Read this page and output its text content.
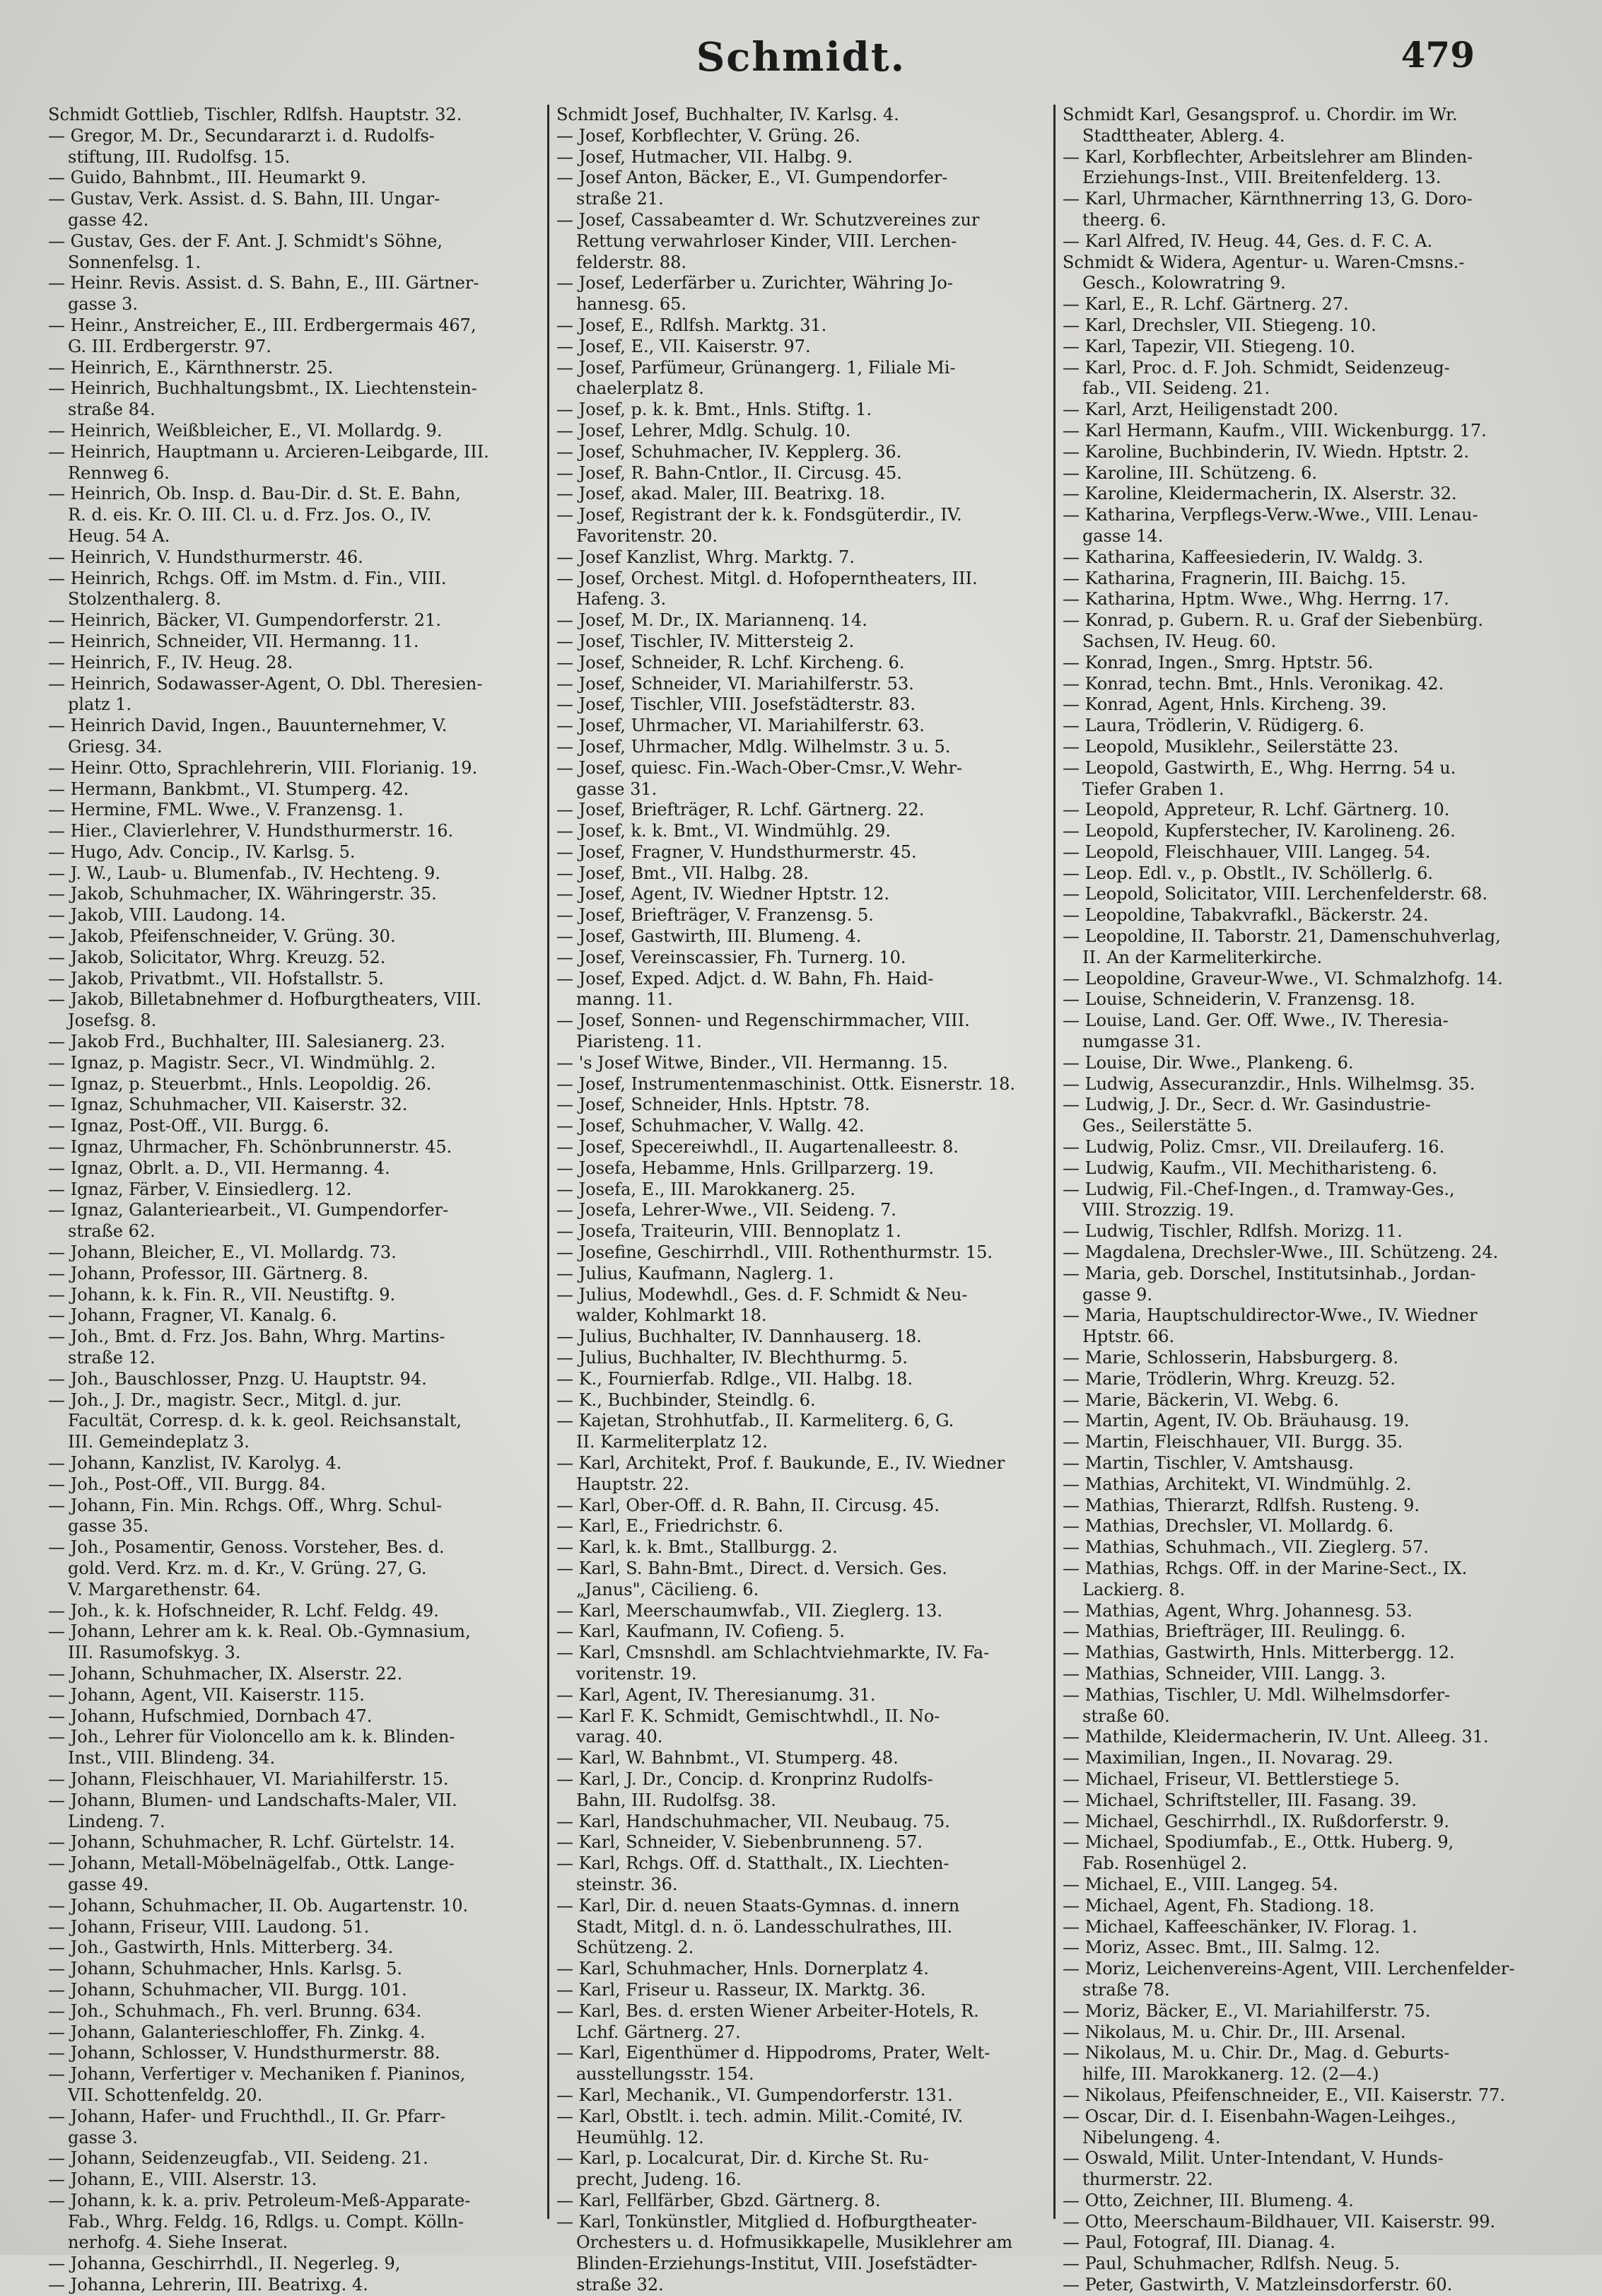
Schmidt.	479
Schmidt Gottlieb, Tischler, Rdlfsh. Hauptstr. 32.
— Gregor, M. Dr., Secundararzt i. d. Rudolfs-
stiftung, III. Rudolfsg. 15.
— Guido, Bahnbmt., III. Heumarkt 9.
— Gustav, Verk. Assist. d. S. Bahn, III. Ungar-
gasse 42.
— Gustav, Ges. der F. Ant. J. Schmidt's Söhne,
Sonnenfelsg. 1.
— Heinr. Revis. Assist. d. S. Bahn, E., III. Gärtner-
gasse 3.
— Heinr., Anstreicher, E., III. Erdbergermais 467,
G. III. Erdbergerstr. 97.
— Heinrich, E., Kärnthnerstr. 25.
— Heinrich, Buchhaltungsbmt., IX. Liechtenstein-
straße 84.
— Heinrich, Weißbleicher, E., VI. Mollardg. 9.
— Heinrich, Hauptmann u. Arcieren-Leibgarde, III.
Rennweg 6.
— Heinrich, Ob. Insp. d. Bau-Dir. d. St. E. Bahn,
R. d. eis. Kr. O. III. Cl. u. d. Frz. Jos. O., IV.
Heug. 54 A.
— Heinrich, V. Hundsthurmerstr. 46.
— Heinrich, Rchgs. Off. im Mstm. d. Fin., VIII.
Stolzenthalerg. 8.
— Heinrich, Bäcker, VI. Gumpendorferstr. 21.
— Heinrich, Schneider, VII. Hermanng. 11.
— Heinrich, F., IV. Heug. 28.
— Heinrich, Sodawasser-Agent, O. Dbl. Theresien-
platz 1.
— Heinrich David, Ingen., Bauunternehmer, V.
Griesg. 34.
— Heinr. Otto, Sprachlehrerin, VIII. Florianig. 19.
— Hermann, Bankbmt., VI. Stumperg. 42.
— Hermine, FML. Wwe., V. Franzensg. 1.
— Hier., Clavierlehrer, V. Hundsthurmerstr. 16.
— Hugo, Adv. Concip., IV. Karlsg. 5.
— J. W., Laub- u. Blumenfab., IV. Hechteng. 9.
— Jakob, Schuhmacher, IX. Währingerstr. 35.
— Jakob, VIII. Laudong. 14.
— Jakob, Pfeifenschneider, V. Grüng. 30.
— Jakob, Solicitator, Whrg. Kreuzg. 52.
— Jakob, Privatbmt., VII. Hofstallstr. 5.
— Jakob, Billetabnehmer d. Hofburgtheaters, VIII.
Josefsg. 8.
— Jakob Frd., Buchhalter, III. Salesianerg. 23.
— Ignaz, p. Magistr. Secr., VI. Windmühlg. 2.
— Ignaz, p. Steuerbmt., Hnls. Leopoldig. 26.
— Ignaz, Schuhmacher, VII. Kaiserstr. 32.
— Ignaz, Post-Off., VII. Burgg. 6.
— Ignaz, Uhrmacher, Fh. Schönbrunnerstr. 45.
— Ignaz, Obrlt. a. D., VII. Hermanng. 4.
— Ignaz, Färber, V. Einsiedlerg. 12.
— Ignaz, Galanteriearbeit., VI. Gumpendorfer-
straße 62.
— Johann, Bleicher, E., VI. Mollardg. 73.
— Johann, Professor, III. Gärtnerg. 8.
— Johann, k. k. Fin. R., VII. Neustiftg. 9.
— Johann, Fragner, VI. Kanalg. 6.
— Joh., Bmt. d. Frz. Jos. Bahn, Whrg. Martins-
straße 12.
— Joh., Bauschlosser, Pnzg. U. Hauptstr. 94.
— Joh., J. Dr., magistr. Secr., Mitgl. d. jur.
Facultät, Corresp. d. k. k. geol. Reichsanstalt,
III. Gemeindeplatz 3.
— Johann, Kanzlist, IV. Karolyg. 4.
— Joh., Post-Off., VII. Burgg. 84.
— Johann, Fin. Min. Rchgs. Off., Whrg. Schul-
gasse 35.
— Joh., Posamentir, Genoss. Vorsteher, Bes. d.
gold. Verd. Krz. m. d. Kr., V. Grüng. 27, G.
V. Margarethenstr. 64.
— Joh., k. k. Hofschneider, R. Lchf. Feldg. 49.
— Johann, Lehrer am k. k. Real. Ob.-Gymnasium,
III. Rasumofskyg. 3.
— Johann, Schuhmacher, IX. Alserstr. 22.
— Johann, Agent, VII. Kaiserstr. 115.
— Johann, Hufschmied, Dornbach 47.
— Joh., Lehrer für Violoncello am k. k. Blinden-
Inst., VIII. Blindeng. 34.
— Johann, Fleischhauer, VI. Mariahilferstr. 15.
— Johann, Blumen- und Landschafts-Maler, VII.
Lindeng. 7.
— Johann, Schuhmacher, R. Lchf. Gürtelstr. 14.
— Johann, Metall-Möbelnägelfab., Ottk. Lange-
gasse 49.
— Johann, Schuhmacher, II. Ob. Augartenstr. 10.
— Johann, Friseur, VIII. Laudong. 51.
— Joh., Gastwirth, Hnls. Mitterberg. 34.
— Johann, Schuhmacher, Hnls. Karlsg. 5.
— Johann, Schuhmacher, VII. Burgg. 101.
— Joh., Schuhmach., Fh. verl. Brunng. 634.
— Johann, Galanterieschloffer, Fh. Zinkg. 4.
— Johann, Schlosser, V. Hundsthurmerstr. 88.
— Johann, Verfertiger v. Mechaniken f. Pianinos,
VII. Schottenfeldg. 20.
— Johann, Hafer- und Fruchthdl., II. Gr. Pfarr-
gasse 3.
— Johann, Seidenzeugfab., VII. Seideng. 21.
— Johann, E., VIII. Alserstr. 13.
— Johann, k. k. a. priv. Petroleum-Meß-Apparate-
Fab., Whrg. Feldg. 16, Rdlgs. u. Compt. Kölln-
nerhofg. 4. Siehe Inserat.
— Johanna, Geschirrhdl., II. Negerleg. 9,
— Johanna, Lehrerin, III. Beatrixg. 4.
Schmidt Josef, Buchhalter, IV. Karlsg. 4.
— Josef, Korbflechter, V. Grüng. 26.
— Josef, Hutmacher, VII. Halbg. 9.
— Josef Anton, Bäcker, E., VI. Gumpendorfer-
straße 21.
— Josef, Cassabeamter d. Wr. Schutzvereines zur
Rettung verwahrloser Kinder, VIII. Lerchen-
felderstr. 88.
— Josef, Lederfärber u. Zurichter, Währing Jo-
hannesg. 65.
— Josef, E., Rdlfsh. Marktg. 31.
— Josef, E., VII. Kaiserstr. 97.
— Josef, Parfümeur, Grünangerg. 1, Filiale Mi-
chaelerplatz 8.
— Josef, p. k. k. Bmt., Hnls. Stiftg. 1.
— Josef, Lehrer, Mdlg. Schulg. 10.
— Josef, Schuhmacher, IV. Kepplerg. 36.
— Josef, R. Bahn-Cntlor., II. Circusg. 45.
— Josef, akad. Maler, III. Beatrixg. 18.
— Josef, Registrant der k. k. Fondsgüterdir., IV.
Favoritenstr. 20.
— Josef Kanzlist, Whrg. Marktg. 7.
— Josef, Orchest. Mitgl. d. Hofoperntheaters, III.
Hafeng. 3.
— Josef, M. Dr., IX. Mariannenq. 14.
— Josef, Tischler, IV. Mittersteig 2.
— Josef, Schneider, R. Lchf. Kircheng. 6.
— Josef, Schneider, VI. Mariahilferstr. 53.
— Josef, Tischler, VIII. Josefstädterstr. 83.
— Josef, Uhrmacher, VI. Mariahilferstr. 63.
— Josef, Uhrmacher, Mdlg. Wilhelmstr. 3 u. 5.
— Josef, quiesc. Fin.-Wach-Ober-Cmsr.,V. Wehr-
gasse 31.
— Josef, Briefträger, R. Lchf. Gärtnerg. 22.
— Josef, k. k. Bmt., VI. Windmühlg. 29.
— Josef, Fragner, V. Hundsthurmerstr. 45.
— Josef, Bmt., VII. Halbg. 28.
— Josef, Agent, IV. Wiedner Hptstr. 12.
— Josef, Briefträger, V. Franzensg. 5.
— Josef, Gastwirth, III. Blumeng. 4.
— Josef, Vereinscassier, Fh. Turnerg. 10.
— Josef, Exped. Adjct. d. W. Bahn, Fh. Haid-
manng. 11.
— Josef, Sonnen- und Regenschirmmacher, VIII.
Piaristeng. 11.
— 's Josef Witwe, Binder., VII. Hermanng. 15.
— Josef, Instrumentenmaschinist. Ottk. Eisnerstr. 18.
— Josef, Schneider, Hnls. Hptstr. 78.
— Josef, Schuhmacher, V. Wallg. 42.
— Josef, Specereiwhdl., II. Augartenalleestr. 8.
— Josefa, Hebamme, Hnls. Grillparzerg. 19.
— Josefa, E., III. Marokkanerg. 25.
— Josefa, Lehrer-Wwe., VII. Seideng. 7.
— Josefa, Traiteurin, VIII. Bennoplatz 1.
— Josefine, Geschirrhdl., VIII. Rothenthurmstr. 15.
— Julius, Kaufmann, Naglerg. 1.
— Julius, Modewhdl., Ges. d. F. Schmidt & Neu-
walder, Kohlmarkt 18.
— Julius, Buchhalter, IV. Dannhauserg. 18.
— Julius, Buchhalter, IV. Blechthurmg. 5.
— K., Fournierfab. Rdlge., VII. Halbg. 18.
— K., Buchbinder, Steindlg. 6.
— Kajetan, Strohhutfab., II. Karmeliterg. 6, G.
II. Karmeliterplatz 12.
— Karl, Architekt, Prof. f. Baukunde, E., IV. Wiedner
Hauptstr. 22.
— Karl, Ober-Off. d. R. Bahn, II. Circusg. 45.
— Karl, E., Friedrichstr. 6.
— Karl, k. k. Bmt., Stallburgg. 2.
— Karl, S. Bahn-Bmt., Direct. d. Versich. Ges.
„Janus", Cäcilieng. 6.
— Karl, Meerschaumwfab., VII. Zieglerg. 13.
— Karl, Kaufmann, IV. Cofieng. 5.
— Karl, Cmsnshdl. am Schlachtviehmarkte, IV. Fa-
voritenstr. 19.
— Karl, Agent, IV. Theresianumg. 31.
— Karl F. K. Schmidt, Gemischtwhdl., II. No-
varag. 40.
— Karl, W. Bahnbmt., VI. Stumperg. 48.
— Karl, J. Dr., Concip. d. Kronprinz Rudolfs-
Bahn, III. Rudolfsg. 38.
— Karl, Handschuhmacher, VII. Neubaug. 75.
— Karl, Schneider, V. Siebenbrunneng. 57.
— Karl, Rchgs. Off. d. Statthalt., IX. Liechten-
steinstr. 36.
— Karl, Dir. d. neuen Staats-Gymnas. d. innern
Stadt, Mitgl. d. n. ö. Landesschulrathes, III.
Schützeng. 2.
— Karl, Schuhmacher, Hnls. Dornerplatz 4.
— Karl, Friseur u. Rasseur, IX. Marktg. 36.
— Karl, Bes. d. ersten Wiener Arbeiter-Hotels, R.
Lchf. Gärtnerg. 27.
— Karl, Eigenthümer d. Hippodroms, Prater, Welt-
ausstellungsstr. 154.
— Karl, Mechanik., VI. Gumpendorferstr. 131.
— Karl, Obstlt. i. tech. admin. Milit.-Comité, IV.
Heumühlg. 12.
— Karl, p. Localcurat, Dir. d. Kirche St. Ru-
precht, Judeng. 16.
— Karl, Fellfärber, Gbzd. Gärtnerg. 8.
— Karl, Tonkünstler, Mitglied d. Hofburgtheater-
Orchesters u. d. Hofmusikkapelle, Musiklehrer am
Blinden-Erziehungs-Institut, VIII. Josefstädter-
straße 32.
Schmidt Karl, Gesangsprof. u. Chordir. im Wr.
Stadttheater, Ablerg. 4.
— Karl, Korbflechter, Arbeitslehrer am Blinden-
Erziehungs-Inst., VIII. Breitenfelderg. 13.
— Karl, Uhrmacher, Kärnthnerring 13, G. Doro-
theerg. 6.
— Karl Alfred, IV. Heug. 44, Ges. d. F. C. A.
Schmidt & Widera, Agentur- u. Waren-Cmsns.-
Gesch., Kolowratring 9.
— Karl, E., R. Lchf. Gärtnerg. 27.
— Karl, Drechsler, VII. Stiegeng. 10.
— Karl, Tapezir, VII. Stiegeng. 10.
— Karl, Proc. d. F. Joh. Schmidt, Seidenzeug-
fab., VII. Seideng. 21.
— Karl, Arzt, Heiligenstadt 200.
— Karl Hermann, Kaufm., VIII. Wickenburgg. 17.
— Karoline, Buchbinderin, IV. Wiedn. Hptstr. 2.
— Karoline, III. Schützeng. 6.
— Karoline, Kleidermacherin, IX. Alserstr. 32.
— Katharina, Verpflegs-Verw.-Wwe., VIII. Lenau-
gasse 14.
— Katharina, Kaffeesiederin, IV. Waldg. 3.
— Katharina, Fragnerin, III. Baichg. 15.
— Katharina, Hptm. Wwe., Whg. Herrng. 17.
— Konrad, p. Gubern. R. u. Graf der Siebenbürg.
Sachsen, IV. Heug. 60.
— Konrad, Ingen., Smrg. Hptstr. 56.
— Konrad, techn. Bmt., Hnls. Veronikag. 42.
— Konrad, Agent, Hnls. Kircheng. 39.
— Laura, Trödlerin, V. Rüdigerg. 6.
— Leopold, Musiklehr., Seilerstätte 23.
— Leopold, Gastwirth, E., Whg. Herrng. 54 u.
Tiefer Graben 1.
— Leopold, Appreteur, R. Lchf. Gärtnerg. 10.
— Leopold, Kupferstecher, IV. Karolineng. 26.
— Leopold, Fleischhauer, VIII. Langeg. 54.
— Leop. Edl. v., p. Obstlt., IV. Schöllerlg. 6.
— Leopold, Solicitator, VIII. Lerchenfelderstr. 68.
— Leopoldine, Tabakvrafkl., Bäckerstr. 24.
— Leopoldine, II. Taborstr. 21, Damenschuhverlag,
II. An der Karmeliterkirche.
— Leopoldine, Graveur-Wwe., VI. Schmalzhofg. 14.
— Louise, Schneiderin, V. Franzensg. 18.
— Louise, Land. Ger. Off. Wwe., IV. Theresia-
numgasse 31.
— Louise, Dir. Wwe., Plankeng. 6.
— Ludwig, Assecuranzdir., Hnls. Wilhelmsg. 35.
— Ludwig, J. Dr., Secr. d. Wr. Gasindustrie-
Ges., Seilerstätte 5.
— Ludwig, Poliz. Cmsr., VII. Dreilauferg. 16.
— Ludwig, Kaufm., VII. Mechitharisteng. 6.
— Ludwig, Fil.-Chef-Ingen., d. Tramway-Ges.,
VIII. Strozzig. 19.
— Ludwig, Tischler, Rdlfsh. Morizg. 11.
— Magdalena, Drechsler-Wwe., III. Schützeng. 24.
— Maria, geb. Dorschel, Institutsinhab., Jordan-
gasse 9.
— Maria, Hauptschuldirector-Wwe., IV. Wiedner
Hptstr. 66.
— Marie, Schlosserin, Habsburgerg. 8.
— Marie, Trödlerin, Whrg. Kreuzg. 52.
— Marie, Bäckerin, VI. Webg. 6.
— Martin, Agent, IV. Ob. Bräuhausg. 19.
— Martin, Fleischhauer, VII. Burgg. 35.
— Martin, Tischler, V. Amtshausg.
— Mathias, Architekt, VI. Windmühlg. 2.
— Mathias, Thierarzt, Rdlfsh. Rusteng. 9.
— Mathias, Drechsler, VI. Mollardg. 6.
— Mathias, Schuhmach., VII. Zieglerg. 57.
— Mathias, Rchgs. Off. in der Marine-Sect., IX.
Lackierg. 8.
— Mathias, Agent, Whrg. Johannesg. 53.
— Mathias, Briefträger, III. Reulingg. 6.
— Mathias, Gastwirth, Hnls. Mitterbergg. 12.
— Mathias, Schneider, VIII. Langg. 3.
— Mathias, Tischler, U. Mdl. Wilhelmsdorfer-
straße 60.
— Mathilde, Kleidermacherin, IV. Unt. Alleeg. 31.
— Maximilian, Ingen., II. Novarag. 29.
— Michael, Friseur, VI. Bettlerstiege 5.
— Michael, Schriftsteller, III. Fasang. 39.
— Michael, Geschirrhdl., IX. Rußdorferstr. 9.
— Michael, Spodiumfab., E., Ottk. Huberg. 9,
Fab. Rosenhügel 2.
— Michael, E., VIII. Langeg. 54.
— Michael, Agent, Fh. Stadiong. 18.
— Michael, Kaffeeschänker, IV. Florag. 1.
— Moriz, Assec. Bmt., III. Salmg. 12.
— Moriz, Leichenvereins-Agent, VIII. Lerchenfelder-
straße 78.
— Moriz, Bäcker, E., VI. Mariahilferstr. 75.
— Nikolaus, M. u. Chir. Dr., III. Arsenal.
— Nikolaus, M. u. Chir. Dr., Mag. d. Geburts-
hilfe, III. Marokkanerg. 12. (2—4.)
— Nikolaus, Pfeifenschneider, E., VII. Kaiserstr. 77.
— Oscar, Dir. d. I. Eisenbahn-Wagen-Leihges.,
Nibelungeng. 4.
— Oswald, Milit. Unter-Intendant, V. Hunds-
thurmerstr. 22.
— Otto, Zeichner, III. Blumeng. 4.
— Otto, Meerschaum-Bildhauer, VII. Kaiserstr. 99.
— Paul, Fotograf, III. Dianag. 4.
— Paul, Schuhmacher, Rdlfsh. Neug. 5.
— Peter, Gastwirth, V. Matzleinsdorferstr. 60.
